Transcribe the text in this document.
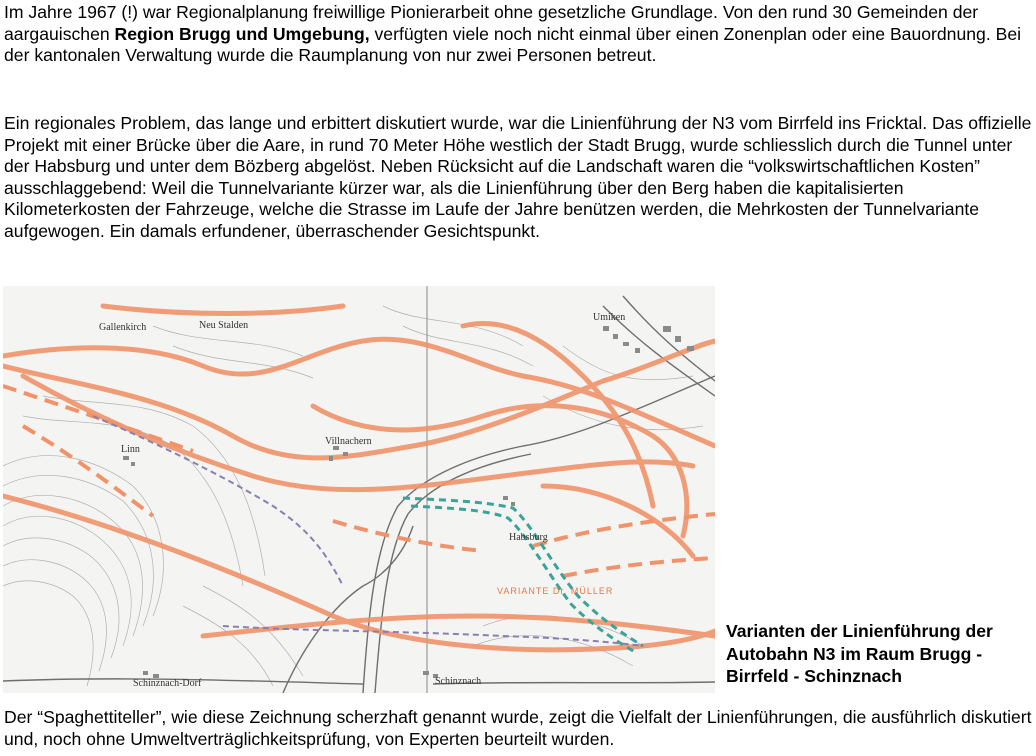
Im Jahre 1967 (!) war Regionalplanung freiwillige Pionierarbeit ohne gesetzliche Grundlage. Von den rund 30 Gemeinden der aargauischen Region Brugg und Umgebung, verfügten viele noch nicht einmal über einen Zonenplan oder eine Bauordnung. Bei der kantonalen Verwaltung wurde die Raumplanung von nur zwei Personen betreut.

Ein regionales Problem, das lange und erbittert diskutiert wurde, war die Linienführung der N3 vom Birrfeld ins Fricktal. Das offizielle Projekt mit einer Brücke über die Aare, in rund 70 Meter Höhe westlich der Stadt Brugg, wurde schliesslich durch die Tunnel unter der Habsburg und unter dem Bözberg abgelöst. Neben Rücksicht auf die Landschaft waren die “volkswirtschaftlichen Kosten” ausschlaggebend: Weil die Tunnelvariante kürzer war, als die Linienführung über den Berg haben die kapitalisierten Kilometerkosten der Fahrzeuge, welche die Strasse im Laufe der Jahre benützen werden, die Mehrkosten der Tunnelvariante aufgewogen. Ein damals erfundener, überraschender Gesichtspunkt.

Gallenkirch	Neu Stalden
Linn
Villnachern
Habsburg
Schinznach-Dorf	Schinznach
Umiken
VARIANTE Dr. MÜLLER
Varianten der Linienführung der
Autobahn N3 im Raum Brugg -
Birrfeld - Schinznach

Der “Spaghettiteller”, wie diese Zeichnung scherzhaft genannt wurde, zeigt die Vielfalt der Linienführungen, die ausführlich diskutiert und, noch ohne Umweltverträglichkeitsprüfung, von Experten beurteilt wurden.
